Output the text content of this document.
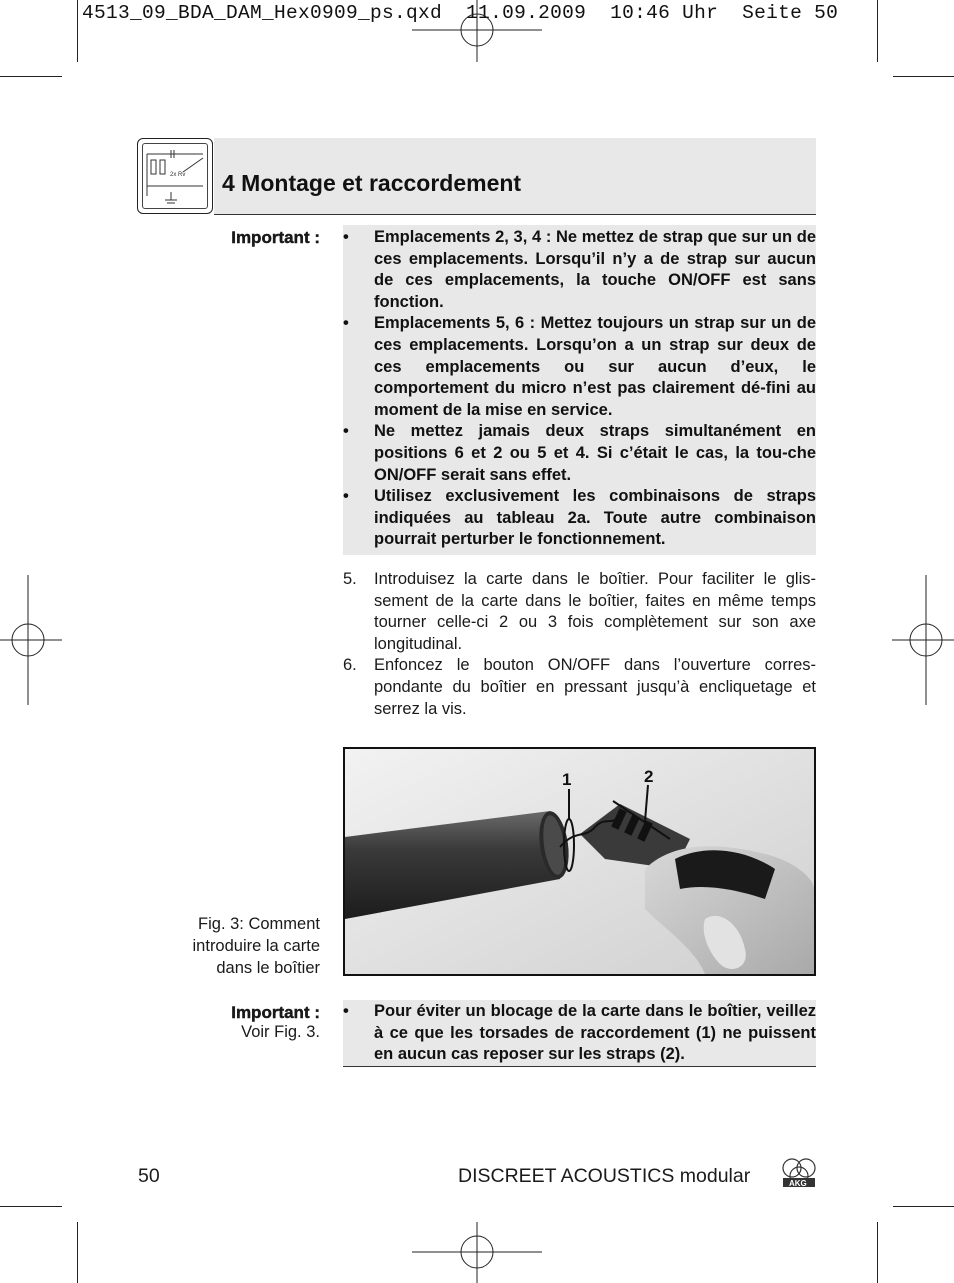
4513_09_BDA_DAM_Hex0909_ps.qxd  11.09.2009  10:46 Uhr  Seite 50
2x Rv 4 Montage et raccordement
Important : • Emplacements 2, 3, 4 : Ne mettez de strap que sur un de ces emplacements. Lorsqu’il n’y a de strap sur aucun de ces emplacements, la touche ON/OFF est sans fonction.
• Emplacements 5, 6 : Mettez toujours un strap sur un de ces emplacements. Lorsqu’on a un strap sur deux de ces emplacements ou sur aucun d’eux, le comportement du micro n’est pas clairement dé-fini au moment de la mise en service.
• Ne mettez jamais deux straps simultanément en positions 6 et 2 ou 5 et 4. Si c’était le cas, la tou-che ON/OFF serait sans effet.
• Utilisez exclusivement les combinaisons de straps indiquées au tableau 2a. Toute autre combinaison pourrait perturber le fonctionnement.
5. Introduisez la carte dans le boîtier. Pour faciliter le glis-sement de la carte dans le boîtier, faites en même temps tourner celle-ci 2 ou 3 fois complètement sur son axe longitudinal.
6. Enfoncez le bouton ON/OFF dans l’ouverture corres-pondante du boîtier en pressant jusqu’à encliquetage et serrez la vis.
1	2
Fig. 3: Comment
introduire la carte
dans le boîtier
Important :
Voir Fig. 3.
• Pour éviter un blocage de la carte dans le boîtier, veillez à ce que les torsades de raccordement (1) ne puissent en aucun cas reposer sur les straps (2).
50	DISCREET ACOUSTICS modular	AKG
